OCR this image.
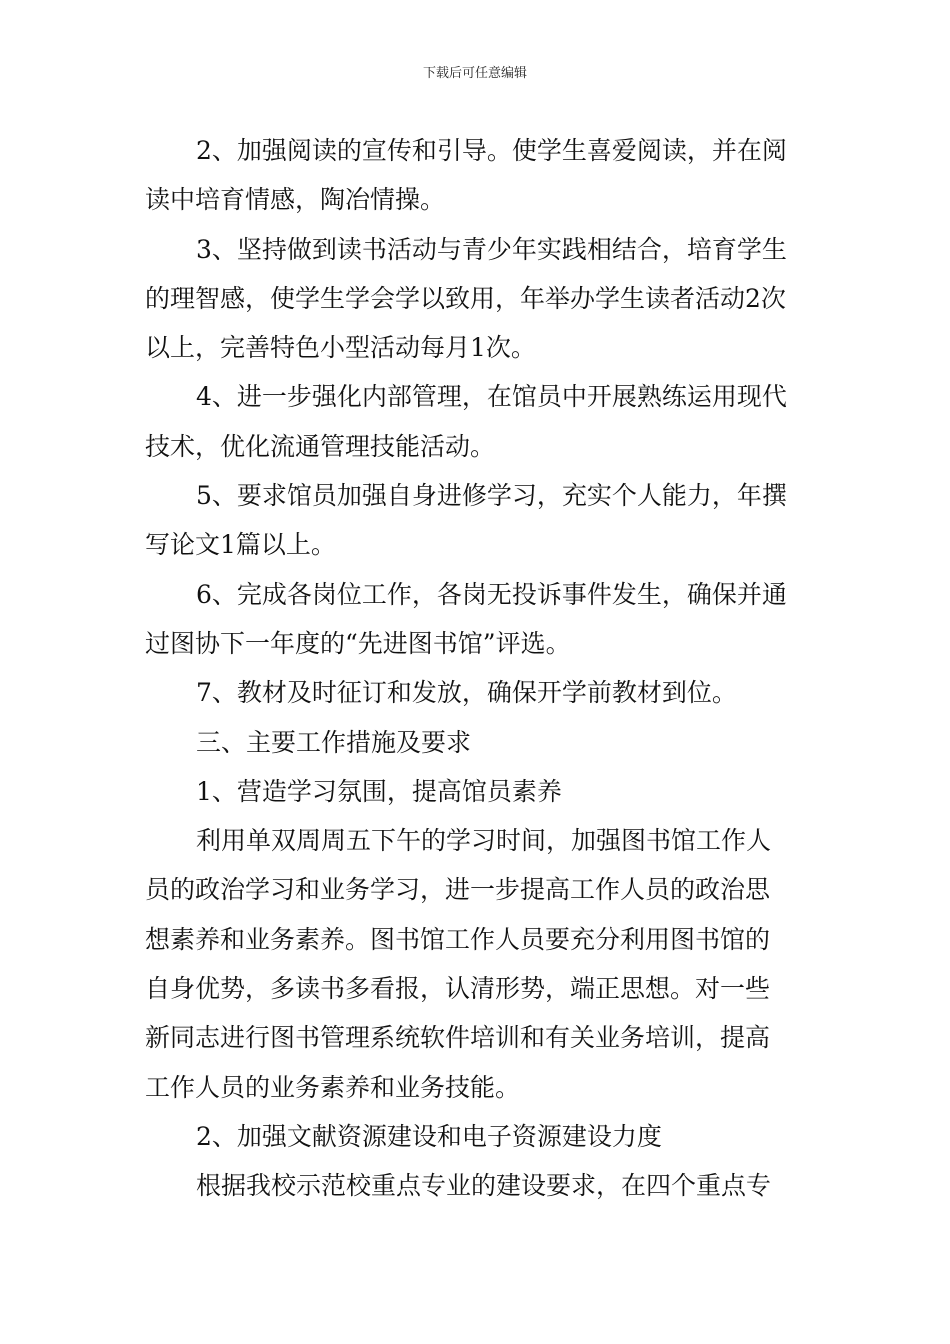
下载后可任意编辑

2、加强阅读的宣传和引导。使学生喜爱阅读，并在阅
读中培育情感，陶冶情操。

3、坚持做到读书活动与青少年实践相结合，培育学生
的理智感，使学生学会学以致用，年举办学生读者活动2次
以上，完善特色小型活动每月1次。

4、进一步强化内部管理，在馆员中开展熟练运用现代
技术，优化流通管理技能活动。

5、要求馆员加强自身进修学习，充实个人能力，年撰
写论文1篇以上。

6、完成各岗位工作，各岗无投诉事件发生，确保并通
过图协下一年度的“先进图书馆”评选。

7、教材及时征订和发放，确保开学前教材到位。

三、主要工作措施及要求

1、营造学习氛围，提高馆员素养

利用单双周周五下午的学习时间，加强图书馆工作人
员的政治学习和业务学习，进一步提高工作人员的政治思
想素养和业务素养。图书馆工作人员要充分利用图书馆的
自身优势，多读书多看报，认清形势，端正思想。对一些
新同志进行图书管理系统软件培训和有关业务培训，提高
工作人员的业务素养和业务技能。

2、加强文献资源建设和电子资源建设力度

根据我校示范校重点专业的建设要求，在四个重点专
